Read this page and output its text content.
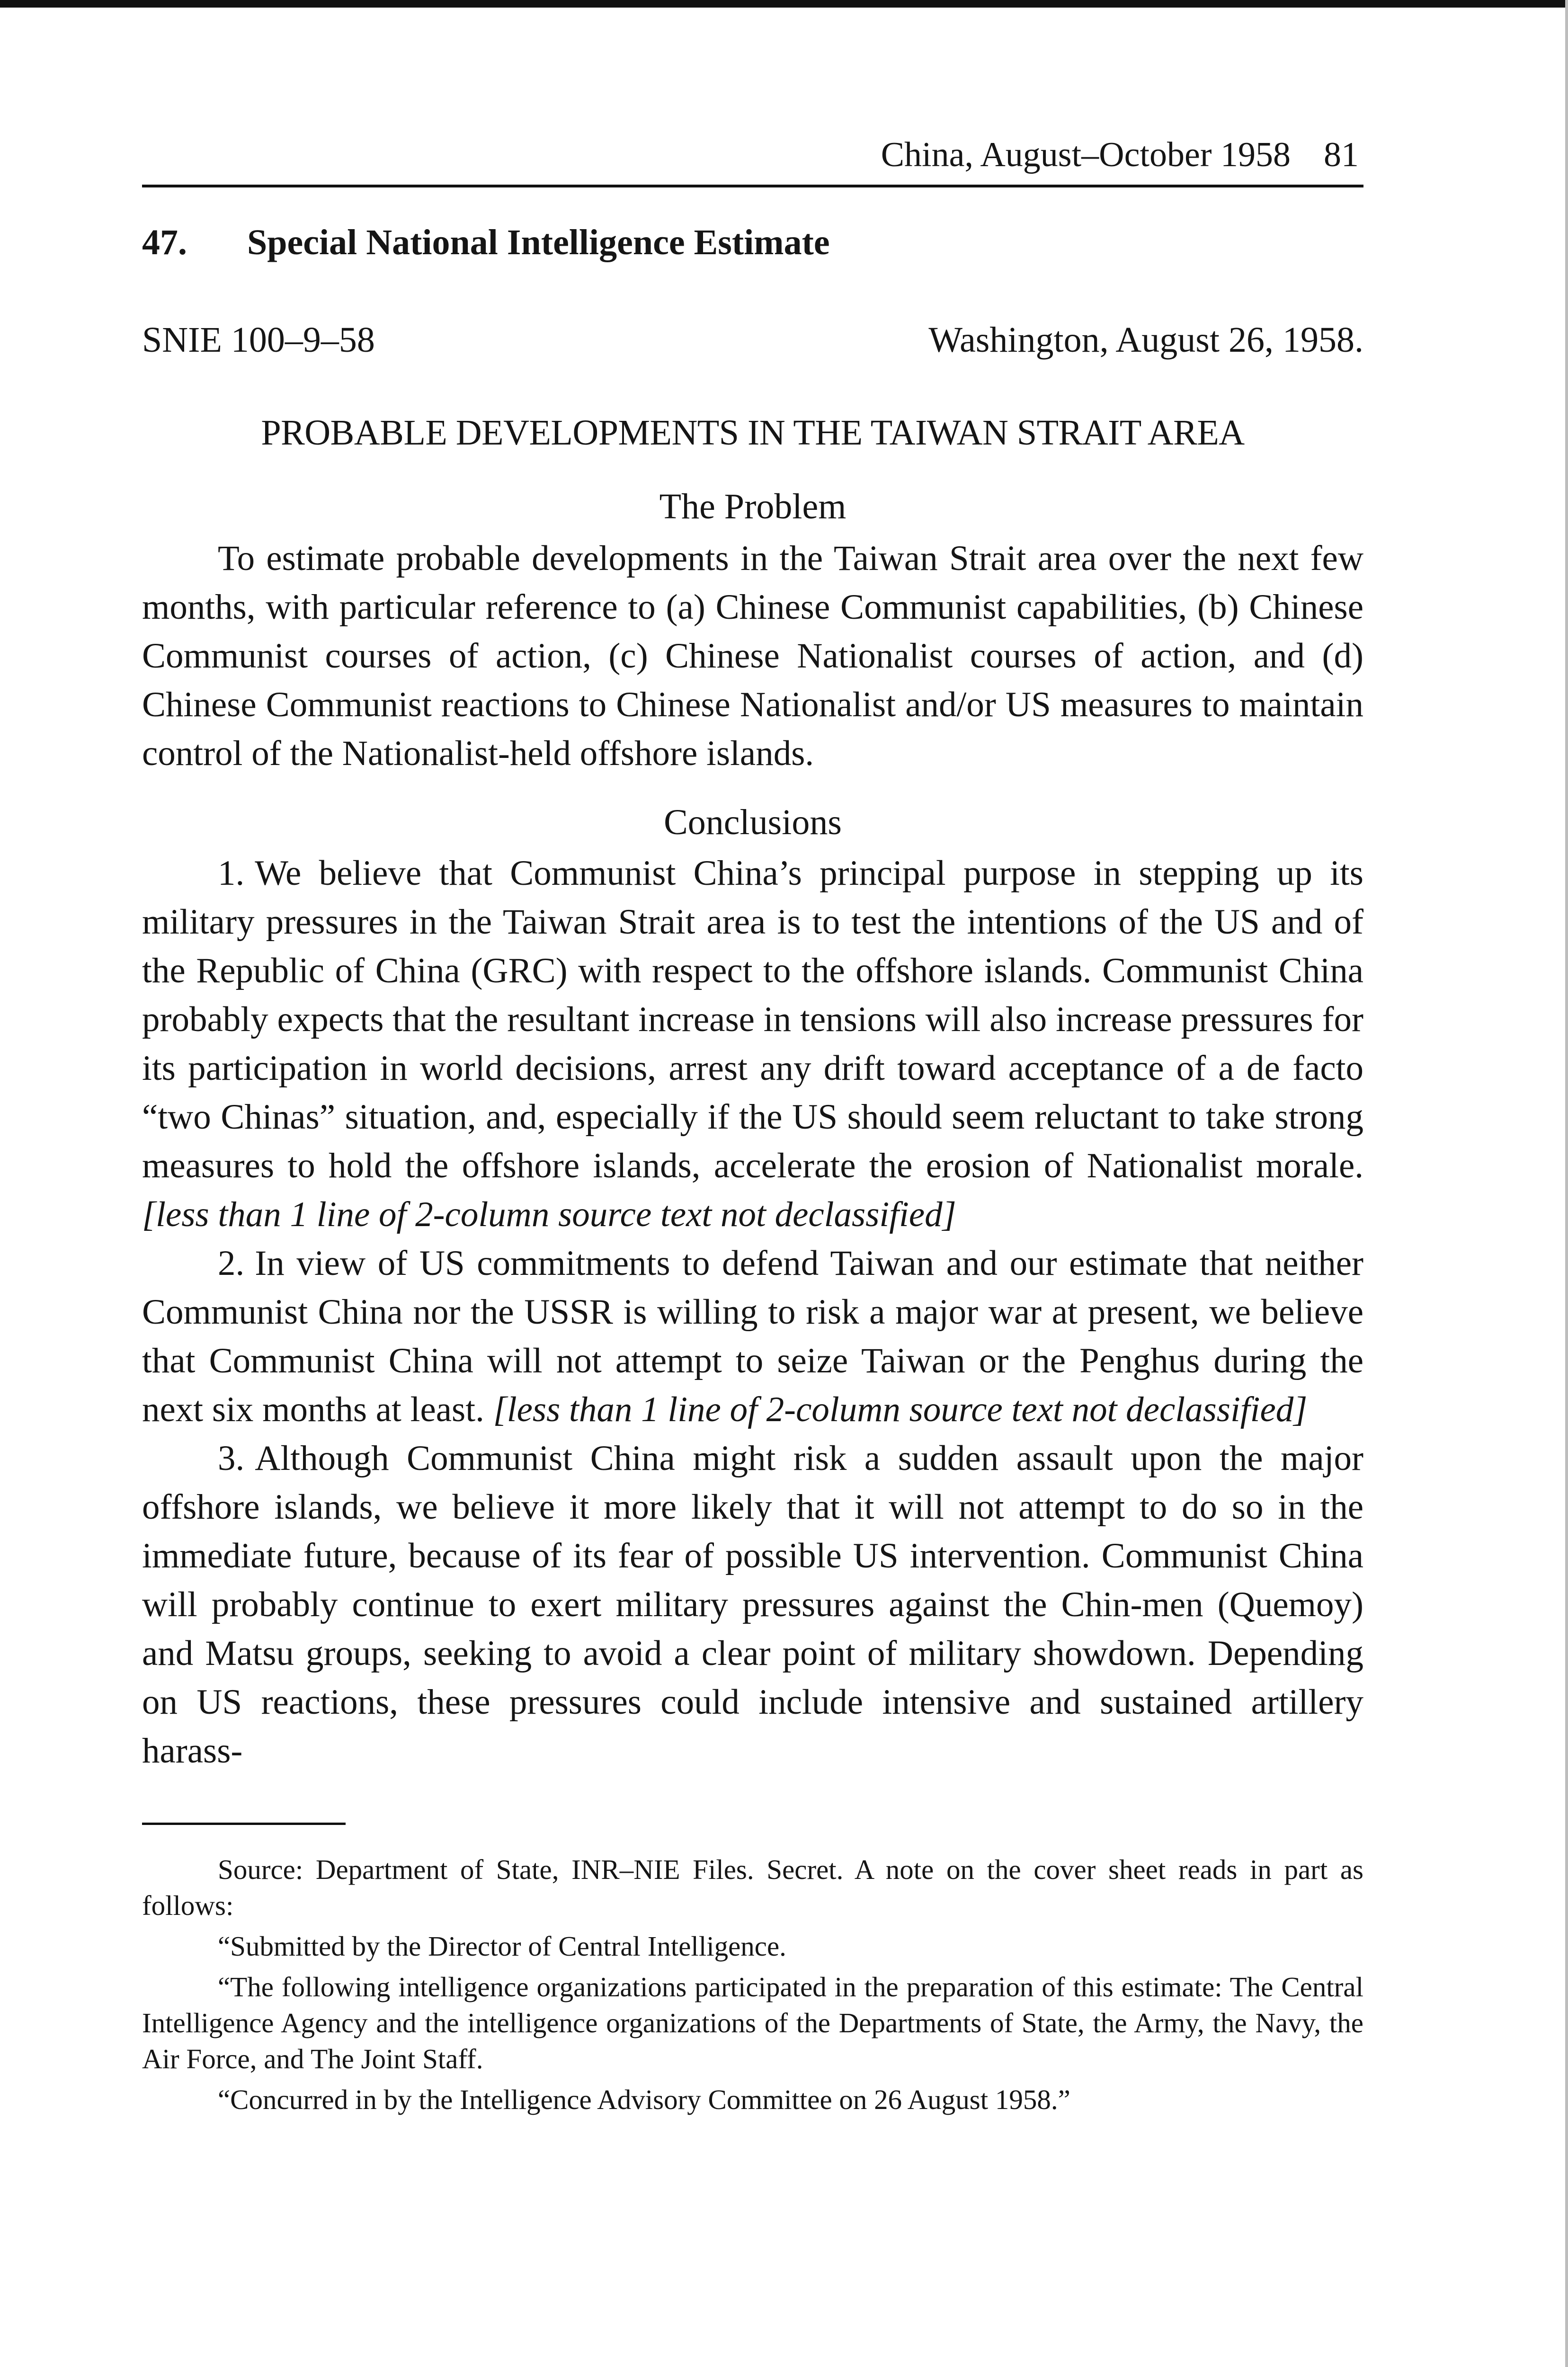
China, August–October 1958 81
47. Special National Intelligence Estimate
SNIE 100–9–58	Washington, August 26, 1958.
PROBABLE DEVELOPMENTS IN THE TAIWAN STRAIT AREA
The Problem

To estimate probable developments in the Taiwan Strait area over the next few months, with particular reference to (a) Chinese Communist capabilities, (b) Chinese Communist courses of action, (c) Chinese Nationalist courses of action, and (d) Chinese Communist reactions to Chinese Nationalist and/or US measures to maintain control of the Nationalist-held offshore islands.

Conclusions

1. We believe that Communist China’s principal purpose in stepping up its military pressures in the Taiwan Strait area is to test the intentions of the US and of the Republic of China (GRC) with respect to the offshore islands. Communist China probably expects that the resultant increase in tensions will also increase pressures for its participation in world decisions, arrest any drift toward acceptance of a de facto “two Chinas” situation, and, especially if the US should seem reluctant to take strong measures to hold the offshore islands, accelerate the erosion of Nationalist morale. [less than 1 line of 2-column source text not declassified]

2. In view of US commitments to defend Taiwan and our estimate that neither Communist China nor the USSR is willing to risk a major war at present, we believe that Communist China will not attempt to seize Taiwan or the Penghus during the next six months at least. [less than 1 line of 2-column source text not declassified]

3. Although Communist China might risk a sudden assault upon the major offshore islands, we believe it more likely that it will not attempt to do so in the immediate future, because of its fear of possible US intervention. Communist China will probably continue to exert military pressures against the Chin-men (Quemoy) and Matsu groups, seeking to avoid a clear point of military showdown. Depending on US reactions, these pressures could include intensive and sustained artillery harass-

Source: Department of State, INR–NIE Files. Secret. A note on the cover sheet reads in part as follows:

“Submitted by the Director of Central Intelligence.

“The following intelligence organizations participated in the preparation of this estimate: The Central Intelligence Agency and the intelligence organizations of the Departments of State, the Army, the Navy, the Air Force, and The Joint Staff.

“Concurred in by the Intelligence Advisory Committee on 26 August 1958.”
